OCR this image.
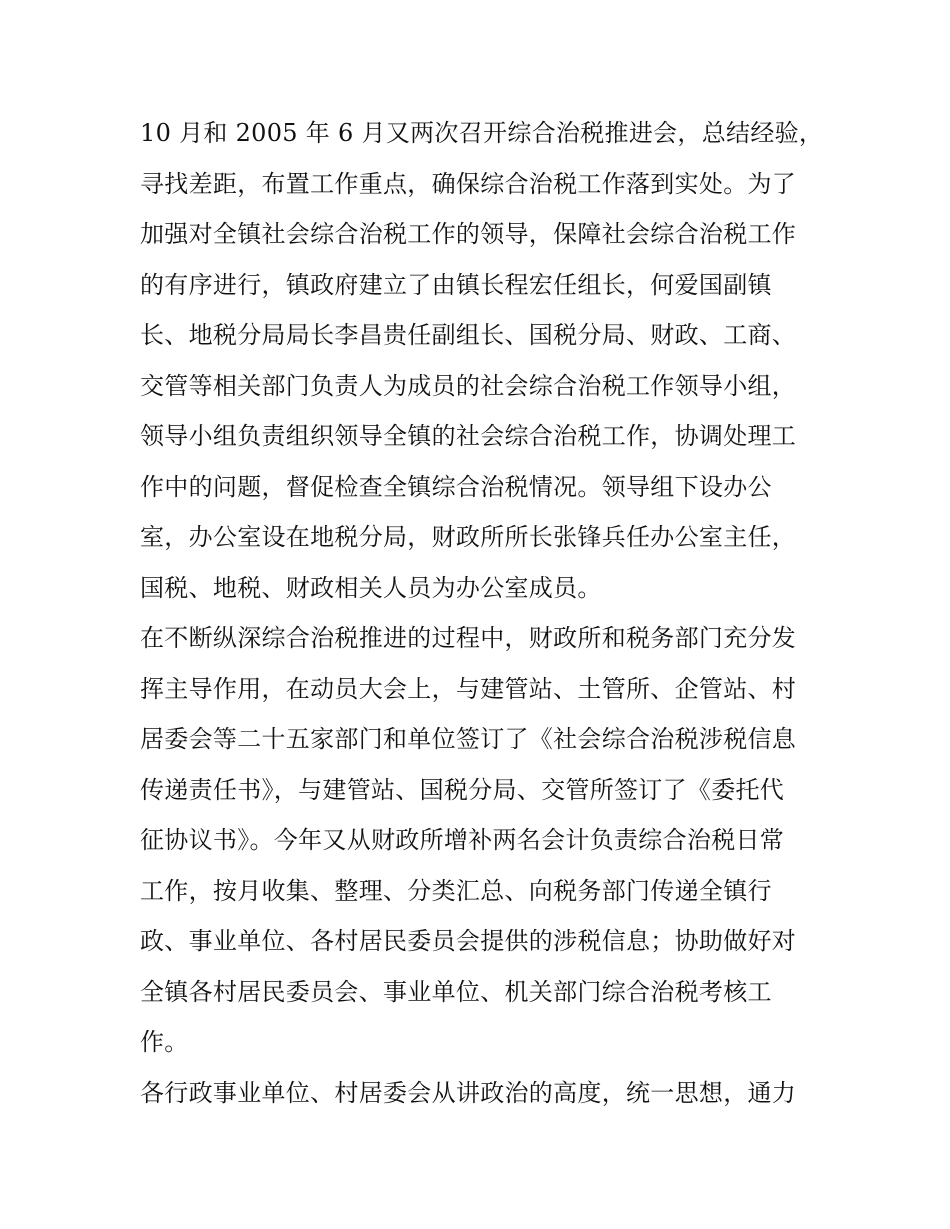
10 月和 2005 年 6 月又两次召开综合治税推进会，总结经验，
寻找差距，布置工作重点，确保综合治税工作落到实处。为了
加强对全镇社会综合治税工作的领导，保障社会综合治税工作
的有序进行，镇政府建立了由镇长程宏任组长，何爱国副镇
长、地税分局局长李昌贵任副组长、国税分局、财政、工商、
交管等相关部门负责人为成员的社会综合治税工作领导小组，
领导小组负责组织领导全镇的社会综合治税工作，协调处理工
作中的问题，督促检查全镇综合治税情况。领导组下设办公
室，办公室设在地税分局，财政所所长张锋兵任办公室主任，
国税、地税、财政相关人员为办公室成员。
在不断纵深综合治税推进的过程中，财政所和税务部门充分发
挥主导作用，在动员大会上，与建管站、土管所、企管站、村
居委会等二十五家部门和单位签订了《社会综合治税涉税信息
传递责任书》，与建管站、国税分局、交管所签订了《委托代
征协议书》。今年又从财政所增补两名会计负责综合治税日常
工作，按月收集、整理、分类汇总、向税务部门传递全镇行
政、事业单位、各村居民委员会提供的涉税信息；协助做好对
全镇各村居民委员会、事业单位、机关部门综合治税考核工
作。
各行政事业单位、村居委会从讲政治的高度，统一思想，通力
